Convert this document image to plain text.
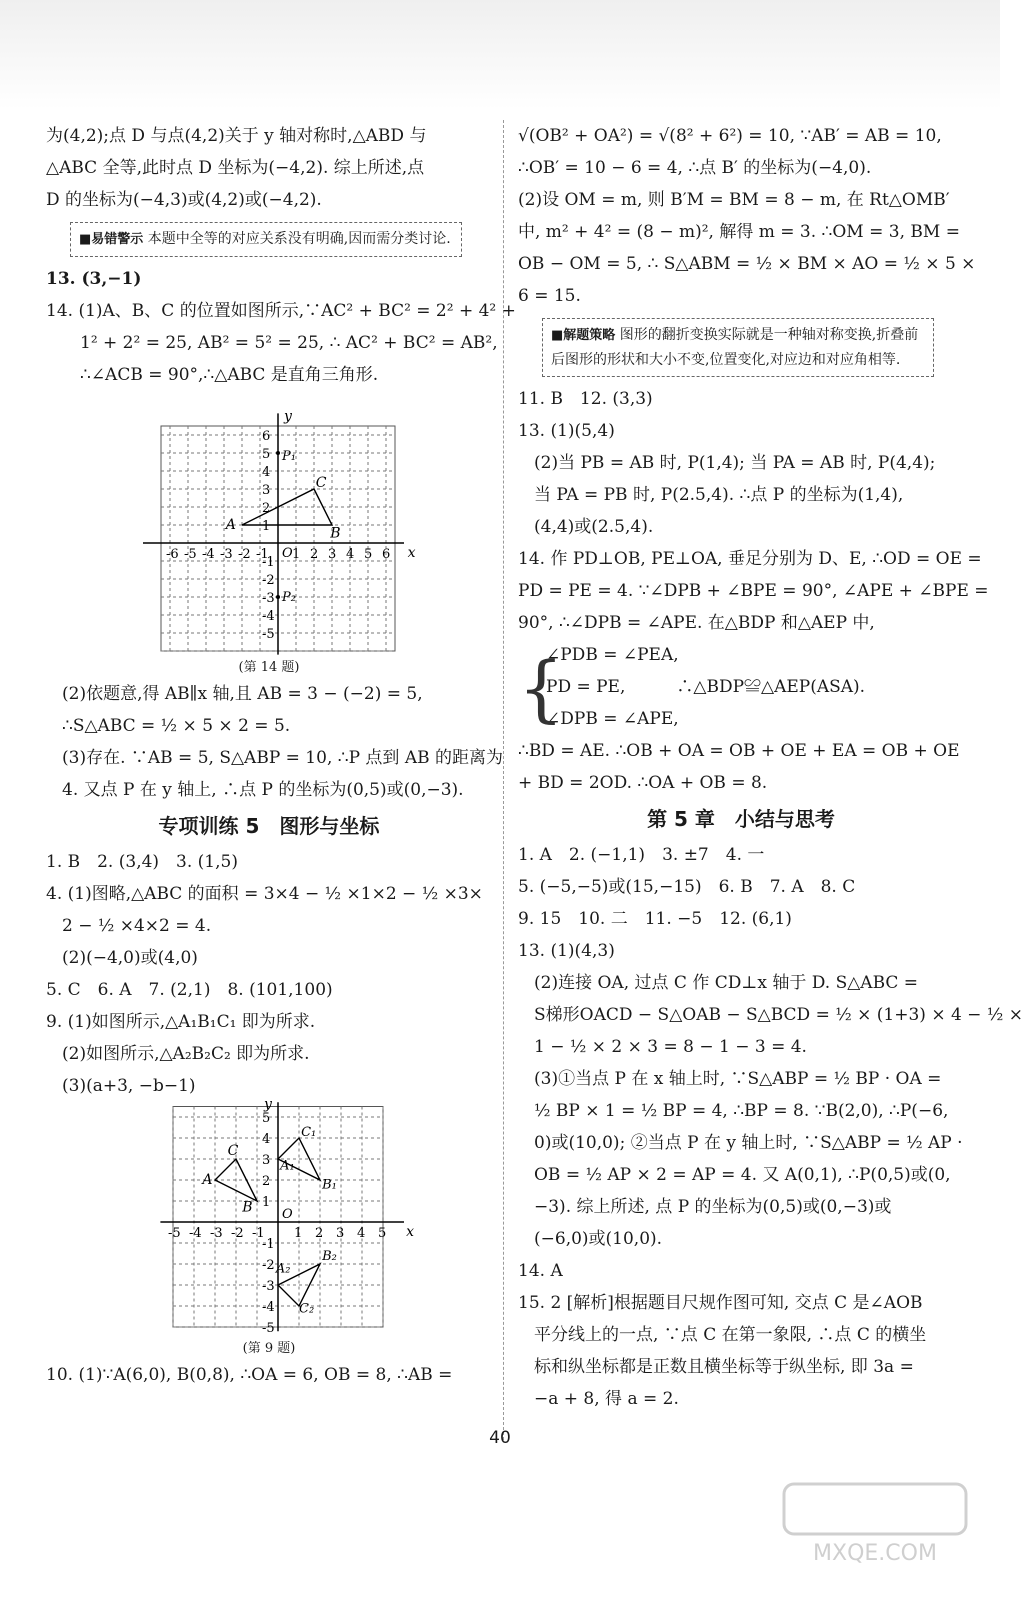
为(4,2);点 D 与点(4,2)关于 y 轴对称时,△ABD 与
△ABC 全等,此时点 D 坐标为(−4,2). 综上所述,点
D 的坐标为(−4,3)或(4,2)或(−4,2).
■易错警示 本题中全等的对应关系没有明确,因而需分类讨论.
13. (3,−1)
14. (1)A、B、C 的位置如图所示,∵AC² + BC² = 2² + 4² +
1² + 2² = 25, AB² = 5² = 25, ∴ AC² + BC² = AB²,
∴∠ACB = 90°,∴△ABC 是直角三角形.
x
y
O
-6 -5 -4 -3 -2 -1 1 2 3 4 5 6
6
5
4
3
2
1
-1
-2
-3
-4
-5
A
B
C
P₁
P₂
(第 14 题)
(2)依题意,得 AB∥x 轴,且 AB = 3 − (−2) = 5,
∴S△ABC = ½ × 5 × 2 = 5.
(3)存在. ∵AB = 5, S△ABP = 10, ∴P 点到 AB 的距离为
4. 又点 P 在 y 轴上, ∴点 P 的坐标为(0,5)或(0,−3).
专项训练 5　图形与坐标
1. B　2. (3,4)　3. (1,5)
4. (1)图略,△ABC 的面积 = 3×4 − ½ ×1×2 − ½ ×3×
2 − ½ ×4×2 = 4.
(2)(−4,0)或(4,0)
5. C　6. A　7. (2,1)　8. (101,100)
9. (1)如图所示,△A₁B₁C₁ 即为所求.
(2)如图所示,△A₂B₂C₂ 即为所求.
(3)(a+3, −b−1)
x
y
O
-5 -4 -3 -2 -1 1 2 3 4 5
5
4
3
2
1
-1
-2
-3
-4
-5
A
B
C
A₁
B₁
C₁
A₂
B₂
C₂
(第 9 题)
10. (1)∵A(6,0), B(0,8), ∴OA = 6, OB = 8, ∴AB =
√(OB² + OA²) = √(8² + 6²) = 10, ∵AB′ = AB = 10,
∴OB′ = 10 − 6 = 4, ∴点 B′ 的坐标为(−4,0).
(2)设 OM = m, 则 B′M = BM = 8 − m, 在 Rt△OMB′
中, m² + 4² = (8 − m)², 解得 m = 3. ∴OM = 3, BM =
OB − OM = 5, ∴ S△ABM = ½ × BM × AO = ½ × 5 ×
6 = 15.
■解题策略 图形的翻折变换实际就是一种轴对称变换,折叠前后图形的形状和大小不变,位置变化,对应边和对应角相等.
11. B　12. (3,3)
13. (1)(5,4)
(2)当 PB = AB 时, P(1,4); 当 PA = AB 时, P(4,4);
当 PA = PB 时, P(2.5,4). ∴点 P 的坐标为(1,4),
(4,4)或(2.5,4).
14. 作 PD⊥OB, PE⊥OA, 垂足分别为 D、E, ∴OD = OE =
PD = PE = 4. ∵∠DPB + ∠BPE = 90°, ∠APE + ∠BPE =
90°, ∴∠DPB = ∠APE. 在△BDP 和△AEP 中,
{
∠PDB = ∠PEA,
PD = PE,　　　∴△BDP≌△AEP(ASA).
∠DPB = ∠APE,
∴BD = AE. ∴OB + OA = OB + OE + EA = OB + OE
+ BD = 2OD. ∴OA + OB = 8.
第 5 章　小结与思考
1. A　2. (−1,1)　3. ±7　4. 一
5. (−5,−5)或(15,−15)　6. B　7. A　8. C
9. 15　10. 二　11. −5　12. (6,1)
13. (1)(4,3)
(2)连接 OA, 过点 C 作 CD⊥x 轴于 D. S△ABC =
S梯形OACD − S△OAB − S△BCD = ½ × (1+3) × 4 − ½ ×
1 − ½ × 2 × 3 = 8 − 1 − 3 = 4.
(3)①当点 P 在 x 轴上时, ∵S△ABP = ½ BP · OA =
½ BP × 1 = ½ BP = 4, ∴BP = 8. ∵B(2,0), ∴P(−6,
0)或(10,0); ②当点 P 在 y 轴上时, ∵S△ABP = ½ AP ·
OB = ½ AP × 2 = AP = 4. 又 A(0,1), ∴P(0,5)或(0,
−3). 综上所述, 点 P 的坐标为(0,5)或(0,−3)或
(−6,0)或(10,0).
14. A
15. 2 [解析]根据题目尺规作图可知, 交点 C 是∠AOB
平分线上的一点, ∵点 C 在第一象限, ∴点 C 的横坐
标和纵坐标都是正数且横坐标等于纵坐标, 即 3a =
−a + 8, 得 a = 2.
40
MXQE.COM
